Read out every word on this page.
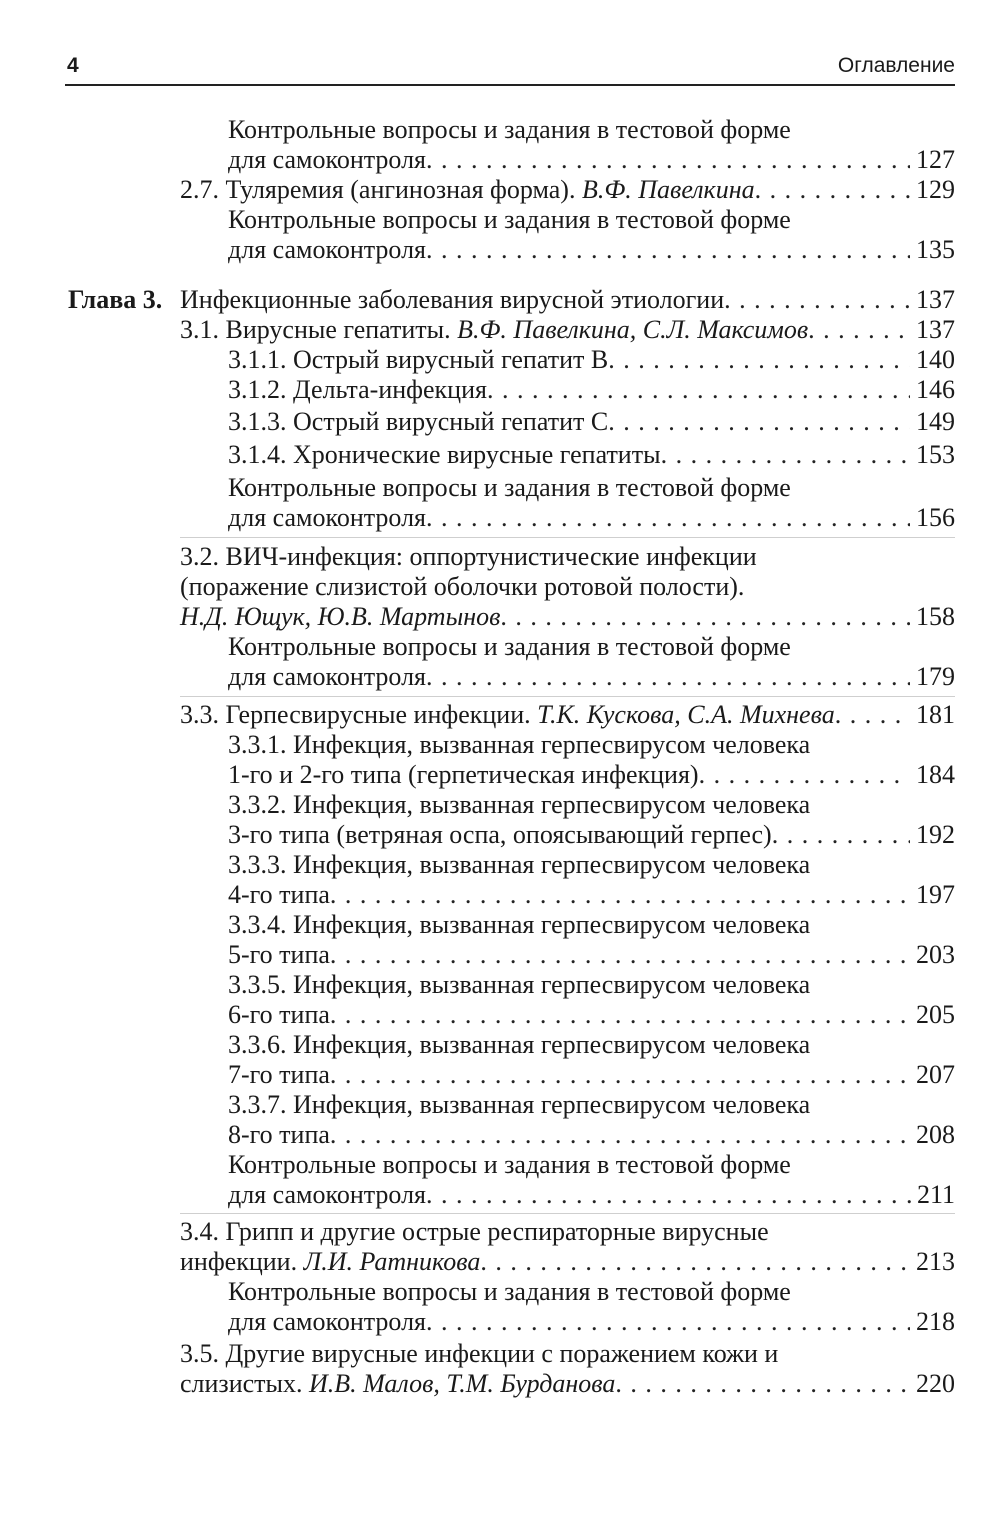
4	Оглавление
Контрольные вопросы и задания в тестовой форме
для самоконтроля . . .	127
2.7. Туляремия (ангинозная форма). В.Ф. Павелкина . . .	129
Контрольные вопросы и задания в тестовой форме
для самоконтроля . . .	135
Глава 3. Инфекционные заболевания вирусной этиологии . . .	137
3.1. Вирусные гепатиты. В.Ф. Павелкина, С.Л. Максимов . . .	137
3.1.1. Острый вирусный гепатит В . . .	140
3.1.2. Дельта-инфекция . . .	146
3.1.3. Острый вирусный гепатит С . . .	149
3.1.4. Хронические вирусные гепатиты . . .	153
Контрольные вопросы и задания в тестовой форме
для самоконтроля . . .	156
3.2. ВИЧ-инфекция: оппортунистические инфекции
(поражение слизистой оболочки ротовой полости).
Н.Д. Ющук, Ю.В. Мартынов . . .	158
Контрольные вопросы и задания в тестовой форме
для самоконтроля . . .	179
3.3. Герпесвирусные инфекции. Т.К. Кускова, С.А. Михнева . . .	181
3.3.1. Инфекция, вызванная герпесвирусом человека
1-го и 2-го типа (герпетическая инфекция) . . .	184
3.3.2. Инфекция, вызванная герпесвирусом человека
3-го типа (ветряная оспа, опоясывающий герпес) . . .	192
3.3.3. Инфекция, вызванная герпесвирусом человека
4-го типа . . .	197
3.3.4. Инфекция, вызванная герпесвирусом человека
5-го типа . . .	203
3.3.5. Инфекция, вызванная герпесвирусом человека
6-го типа . . .	205
3.3.6. Инфекция, вызванная герпесвирусом человека
7-го типа . . .	207
3.3.7. Инфекция, вызванная герпесвирусом человека
8-го типа . . .	208
Контрольные вопросы и задания в тестовой форме
для самоконтроля . . .	211
3.4. Грипп и другие острые респираторные вирусные
инфекции. Л.И. Ратникова . . .	213
Контрольные вопросы и задания в тестовой форме
для самоконтроля . . .	218
3.5. Другие вирусные инфекции с поражением кожи и
слизистых. И.В. Малов, Т.М. Бурданова . . .	220
